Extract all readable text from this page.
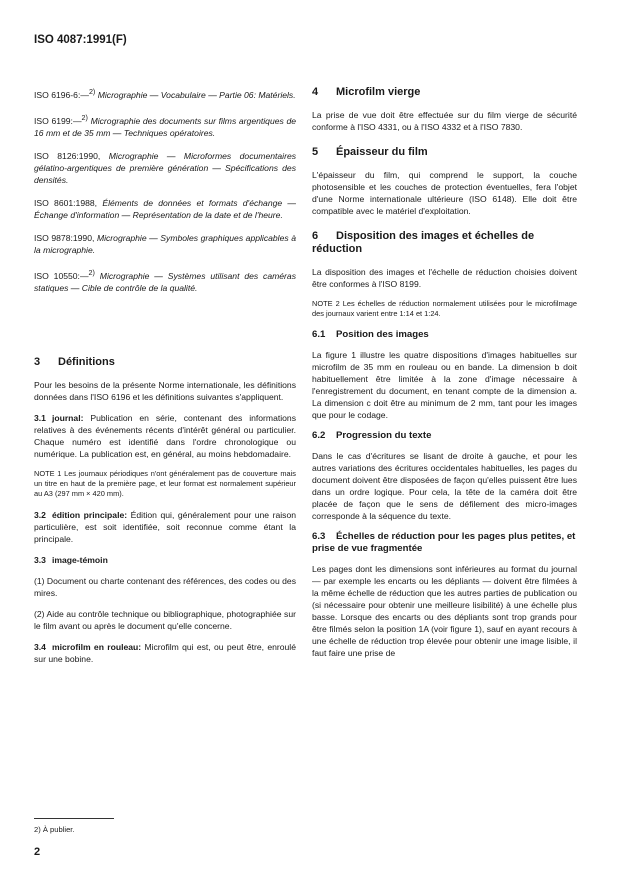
ISO 4087:1991(F)
ISO 6196-6:—$^{2)}$ Micrographie — Vocabulaire — Partie 06: Matériels.
ISO 6199:—$^{2)}$ Micrographie des documents sur films argentiques de 16 mm et de 35 mm — Techniques opératoires.
ISO 8126:1990, Micrographie — Microformes documentaires gélatino-argentiques de première génération — Spécifications des densités.
ISO 8601:1988, Éléments de données et formats d'échange — Échange d'information — Représentation de la date et de l'heure.
ISO 9878:1990, Micrographie — Symboles graphiques applicables à la micrographie.
ISO 10550:—$^{2)}$ Micrographie — Systèmes utilisant des caméras statiques — Cible de contrôle de la qualité.
3 Définitions

Pour les besoins de la présente Norme internationale, les définitions données dans l'ISO 6196 et les définitions suivantes s'appliquent.

3.1 journal: Publication en série, contenant des informations relatives à des événements récents d'intérêt général ou particulier. Chaque numéro est identifié dans l'ordre chronologique ou numérique. La publication est, en général, au moins hebdomadaire.

NOTE 1 Les journaux périodiques n'ont généralement pas de couverture mais un titre en haut de la première page, et leur format est normalement supérieur au A3 (297 mm × 420 mm).

3.2 édition principale: Édition qui, généralement pour une raison particulière, est soit identifiée, soit reconnue comme étant la principale.

3.3 image-témoin

(1) Document ou charte contenant des références, des codes ou des mires.

(2) Aide au contrôle technique ou bibliographique, photographiée sur le film avant ou après le document qu'elle concerne.

3.4 microfilm en rouleau: Microfilm qui est, ou peut être, enroulé sur une bobine.

4 Microfilm vierge

La prise de vue doit être effectuée sur du film vierge de sécurité conforme à l'ISO 4331, ou à l'ISO 4332 et à l'ISO 7830.

5 Épaisseur du film

L'épaisseur du film, qui comprend le support, la couche photosensible et les couches de protection éventuelles, fera l'objet d'une Norme internationale ultérieure (ISO 6148). Elle doit être compatible avec le matériel d'exploitation.

6 Disposition des images et échelles de réduction

La disposition des images et l'échelle de réduction choisies doivent être conformes à l'ISO 8199.

NOTE 2 Les échelles de réduction normalement utilisées pour le microfilmage des journaux varient entre 1:14 et 1:24.
6.1 Position des images

La figure 1 illustre les quatre dispositions d'images habituelles sur microfilm de 35 mm en rouleau ou en bande. La dimension b doit habituellement être limitée à la zone d'image nécessaire à l'enregistrement du document, en tenant compte de la dimension a. La dimension c doit être au minimum de 2 mm, tant pour les images que pour le codage.

6.2 Progression du texte

Dans le cas d'écritures se lisant de droite à gauche, et pour les autres variations des écritures occidentales habituelles, les pages du document doivent être disposées de façon qu'elles puissent être lues dans un ordre logique. Pour cela, la tête de la caméra doit être placée de façon que le sens de défilement des micro-images corresponde à la séquence du texte.

6.3 Échelles de réduction pour les pages plus petites, et prise de vue fragmentée

Les pages dont les dimensions sont inférieures au format du journal — par exemple les encarts ou les dépliants — doivent être filmées à la même échelle de réduction que les autres parties de publication ou (si nécessaire pour obtenir une meilleure lisibilité) à une échelle plus basse. Lorsque des encarts ou des dépliants sont trop grands pour être filmés selon la position 1A (voir figure 1), sauf en ayant recours à une échelle de réduction trop élevée pour obtenir une image lisible, il faut faire une prise de

2) À publier.
2
